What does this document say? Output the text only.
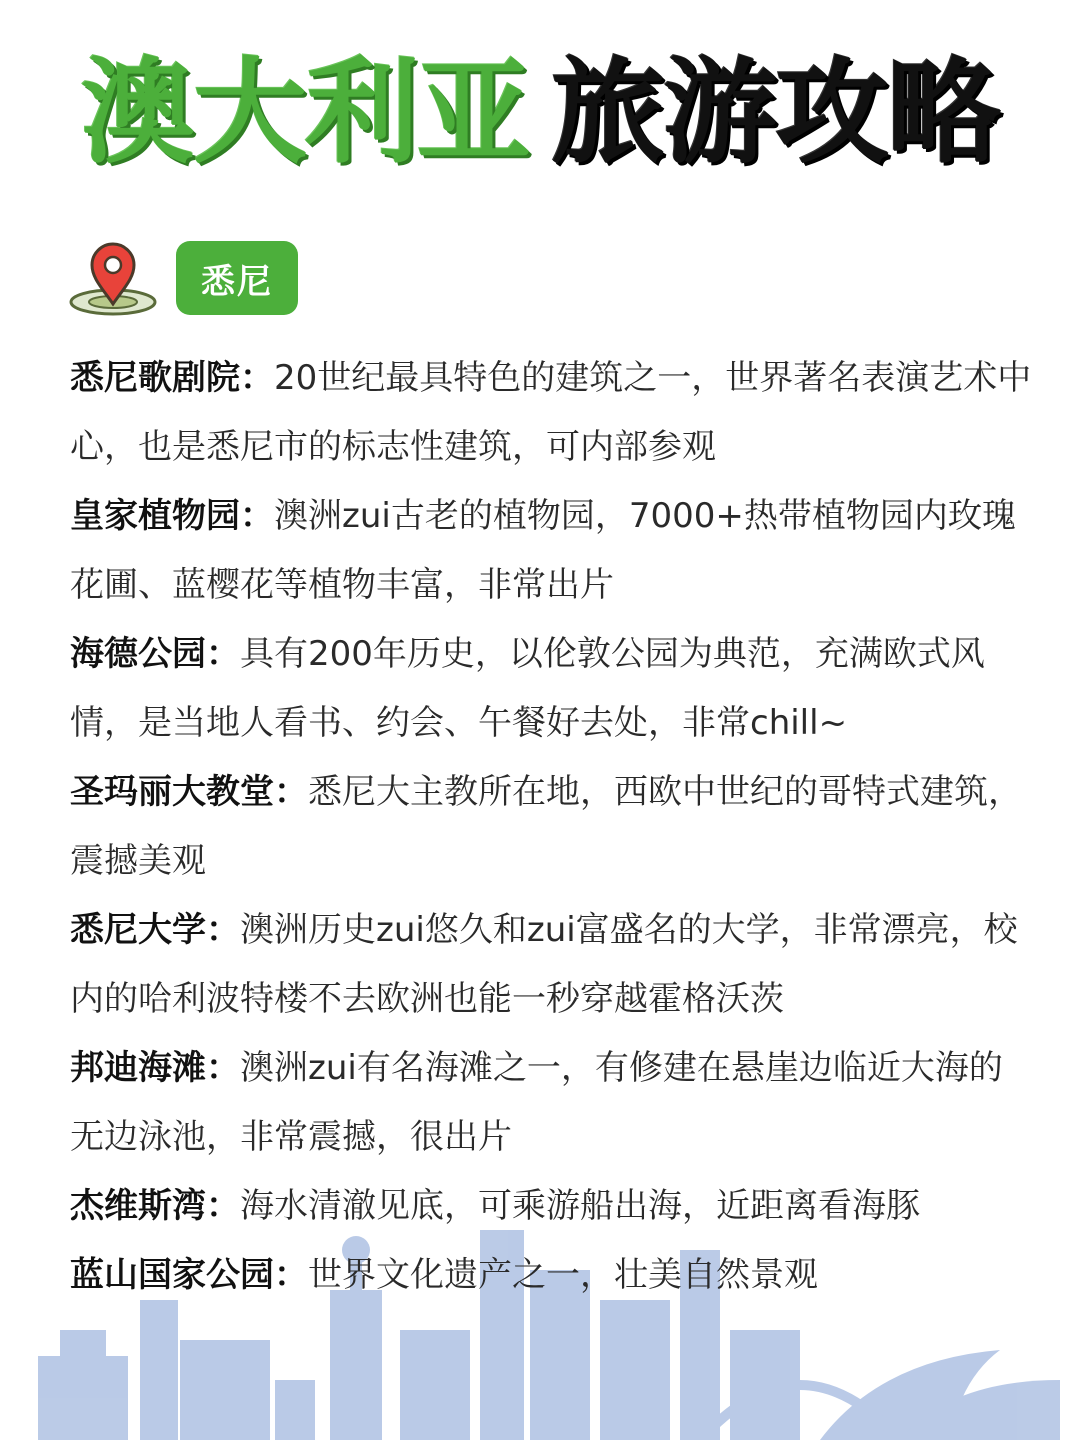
澳大利亚 旅游攻略
悉尼

悉尼歌剧院：20世纪最具特色的建筑之一，世界著名表演艺术中心，也是悉尼市的标志性建筑，可内部参观

皇家植物园：澳洲zui古老的植物园，7000+热带植物园内玫瑰花圃、蓝樱花等植物丰富，非常出片

海德公园：具有200年历史，以伦敦公园为典范，充满欧式风情，是当地人看书、约会、午餐好去处，非常chill~

圣玛丽大教堂：悉尼大主教所在地，西欧中世纪的哥特式建筑，震撼美观

悉尼大学：澳洲历史zui悠久和zui富盛名的大学，非常漂亮，校内的哈利波特楼不去欧洲也能一秒穿越霍格沃茨

邦迪海滩：澳洲zui有名海滩之一，有修建在悬崖边临近大海的无边泳池，非常震撼，很出片

杰维斯湾：海水清澈见底，可乘游船出海，近距离看海豚

蓝山国家公园：世界文化遗产之一，壮美自然景观
